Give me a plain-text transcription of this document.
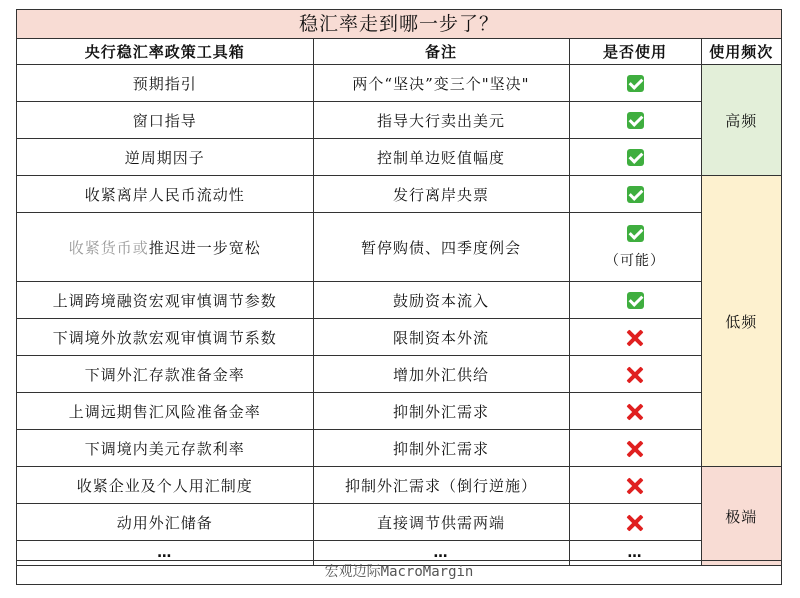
稳汇率走到哪一步了？
央行稳汇率政策工具箱	备注	是否使用	使用频次
预期指引	两个“坚决”变三个"坚决"		高频
窗口指导	指导大行卖出美元		
逆周期因子	控制单边贬值幅度		
收紧离岸人民币流动性	发行离岸央票		低频
收紧货币或推迟进一步宽松	暂停购债、四季度例会	（可能）	

上调跨境融资宏观审慎调节参数	鼓励资本流入		
下调境外放款宏观审慎调节系数	限制资本外流		
下调外汇存款准备金率	增加外汇供给		
上调远期售汇风险准备金率	抑制外汇需求		
下调境内美元存款利率	抑制外汇需求		
收紧企业及个人用汇制度	抑制外汇需求（倒行逆施）		极端
动用外汇储备	直接调节供需两端		
…	…	…	
宏观边际MacroMargin
